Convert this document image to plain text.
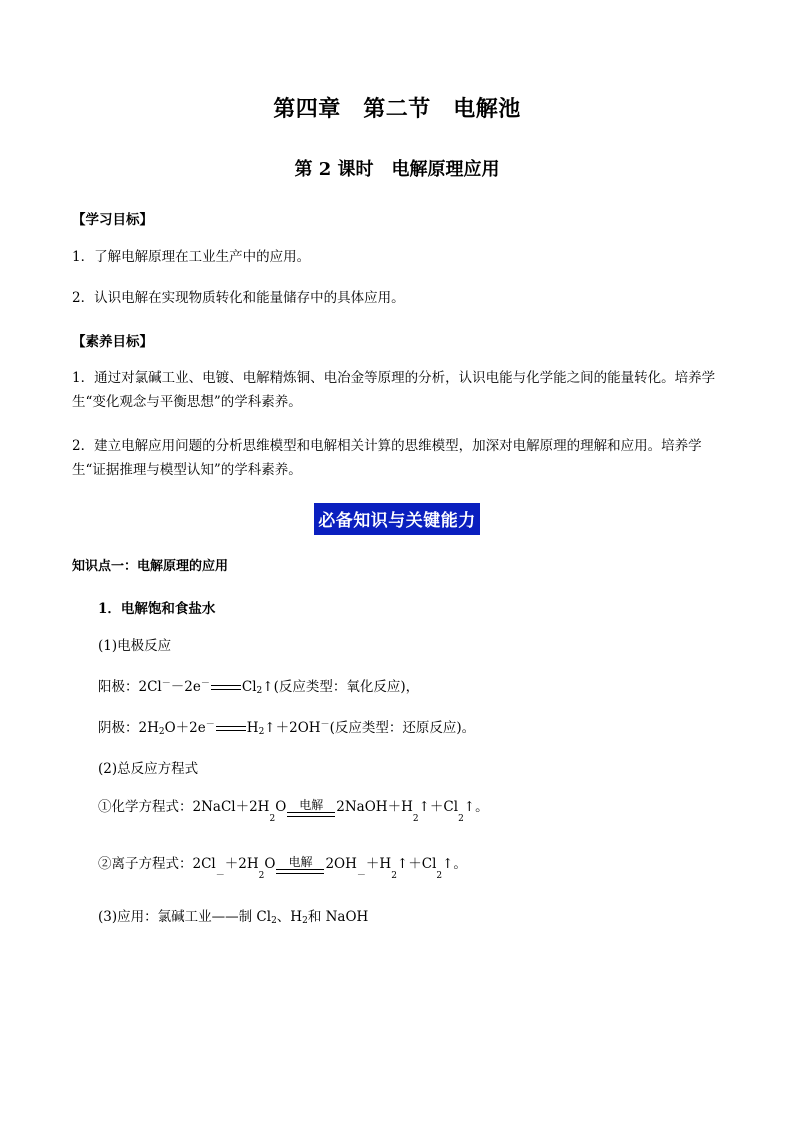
第四章　第二节　电解池
第 2 课时　电解原理应用
【学习目标】
1．了解电解原理在工业生产中的应用。
2．认识电解在实现物质转化和能量储存中的具体应用。
【素养目标】
1．通过对氯碱工业、电镀、电解精炼铜、电冶金等原理的分析，认识电能与化学能之间的能量转化。培养学生“变化观念与平衡思想”的学科素养。
2．建立电解应用问题的分析思维模型和电解相关计算的思维模型，加深对电解原理的理解和应用。培养学生“证据推理与模型认知”的学科素养。
必备知识与关键能力
知识点一：电解原理的应用
1．电解饱和食盐水
(1)电极反应
阳极：2Cl－－2e－ $Cl_2↑$(反应类型：氧化反应)，
阴极：$2H_2O+2e^-$ $H_2↑+2OH^-$(反应类型：还原反应)。
(2)总反应方程式
①化学方程式：2NaCl＋2H
2
O 电解 2NaOH＋H
2
↑＋Cl
2
↑。
②离子方程式：2Cl
－
＋2H
2
O 电解 2OH
－
＋H
2
↑＋Cl
2
↑。
(3)应用：氯碱工业——制 $Cl_2$、$H_2$和 NaOH
